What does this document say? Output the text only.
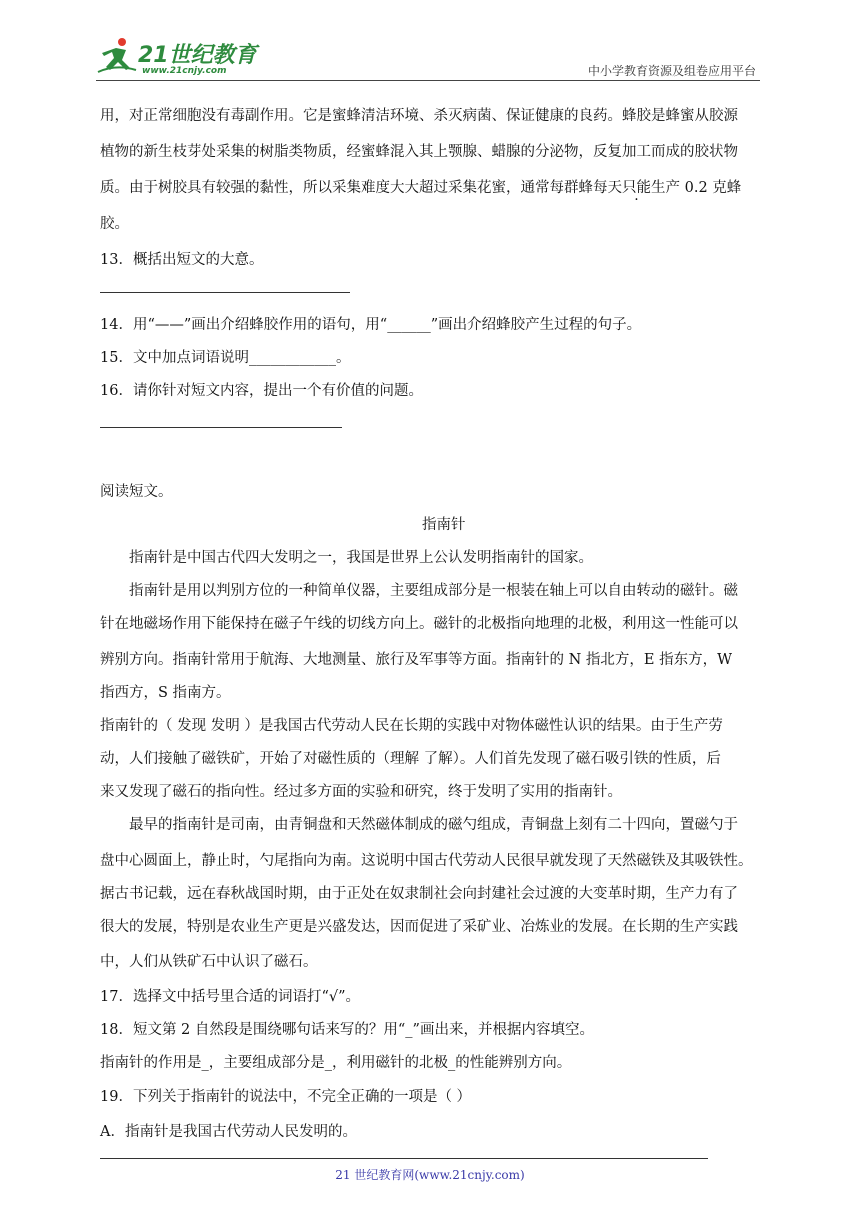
21世纪教育
www.21cnjy.com	中小学教育资源及组卷应用平台
用，对正常细胞没有毒副作用。它是蜜蜂清洁环境、杀灭病菌、保证健康的良药。蜂胶是蜂蜜从胶源
植物的新生枝芽处采集的树脂类物质，经蜜蜂混入其上颚腺、蜡腺的分泌物，反复加工而成的胶状物
质。由于树胶具有较强的黏性，所以采集难度大大超过采集花蜜，通常每群蜂每天只能生产 0.2 克蜂
胶。
13．概括出短文的大意。
14．用“——”画出介绍蜂胶作用的语句，用“______”画出介绍蜂胶产生过程的句子。
15．文中加点词语说明____________。
16．请你针对短文内容，提出一个有价值的问题。
阅读短文。
指南针
指南针是中国古代四大发明之一，我国是世界上公认发明指南针的国家。
指南针是用以判别方位的一种简单仪器，主要组成部分是一根装在轴上可以自由转动的磁针。磁
针在地磁场作用下能保持在磁子午线的切线方向上。磁针的北极指向地理的北极，利用这一性能可以
辨别方向。指南针常用于航海、大地测量、旅行及军事等方面。指南针的 N 指北方，E 指东方，W
指西方，S 指南方。
指南针的（ 发现 发明 ）是我国古代劳动人民在长期的实践中对物体磁性认识的结果。由于生产劳
动，人们接触了磁铁矿，开始了对磁性质的（理解 了解）。人们首先发现了磁石吸引铁的性质，后
来又发现了磁石的指向性。经过多方面的实验和研究，终于发明了实用的指南针。
最早的指南针是司南，由青铜盘和天然磁体制成的磁勺组成，青铜盘上刻有二十四向，置磁勺于
盘中心圆面上，静止时，勺尾指向为南。这说明中国古代劳动人民很早就发现了天然磁铁及其吸铁性。
据古书记载，远在春秋战国时期，由于正处在奴隶制社会向封建社会过渡的大变革时期，生产力有了
很大的发展，特别是农业生产更是兴盛发达，因而促进了采矿业、冶炼业的发展。在长期的生产实践
中，人们从铁矿石中认识了磁石。
17．选择文中括号里合适的词语打“√”。
18．短文第 2 自然段是围绕哪句话来写的？用“_”画出来，并根据内容填空。
指南针的作用是_，主要组成部分是_，利用磁针的北极_的性能辨别方向。
19．下列关于指南针的说法中，不完全正确的一项是（ ）
A．指南针是我国古代劳动人民发明的。
21 世纪教育网(www.21cnjy.com)
